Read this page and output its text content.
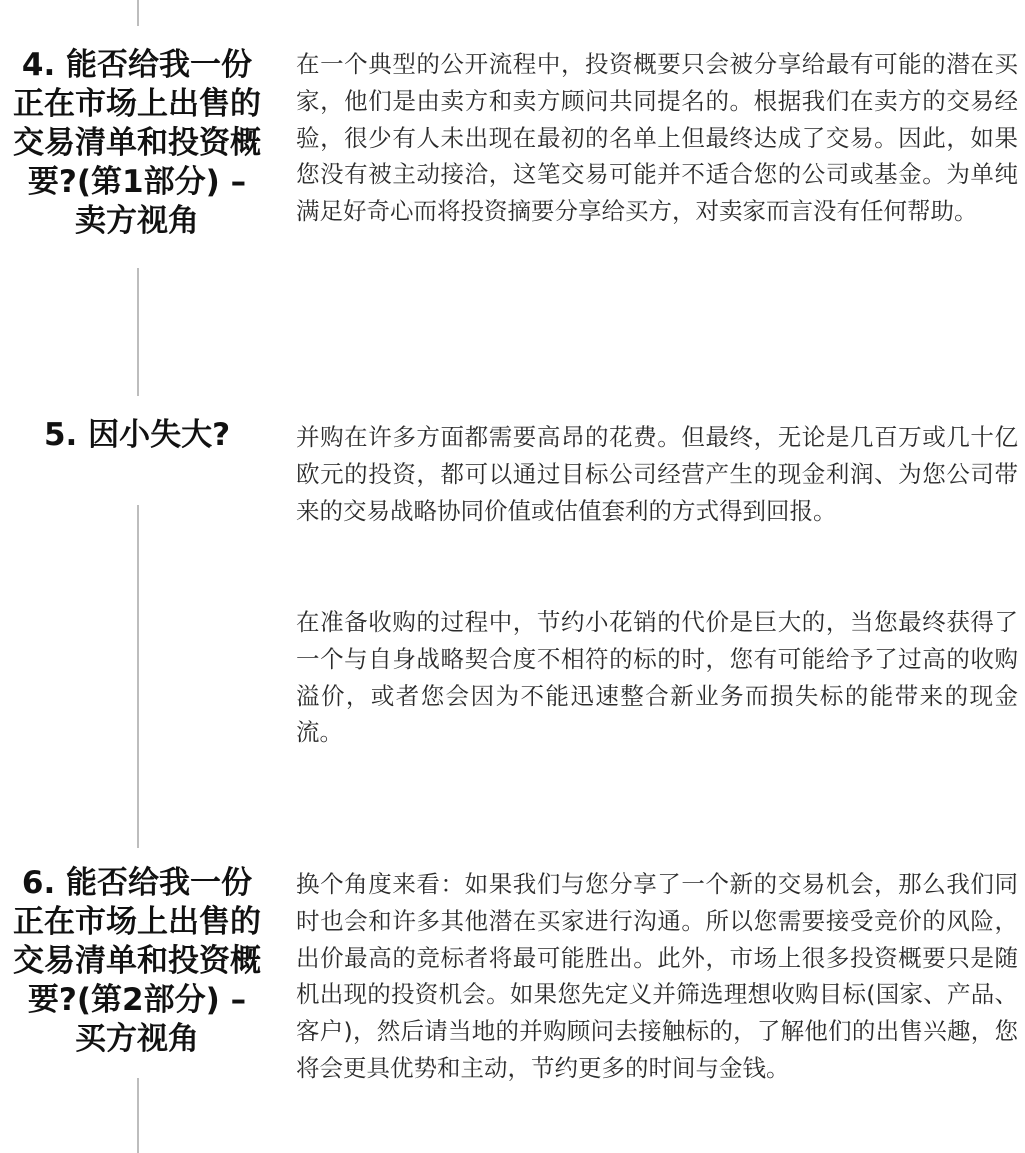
4. 能否给我一份正在市场上出售的交易清单和投资概要?(第1部分) – 卖方视角

在一个典型的公开流程中，投资概要只会被分享给最有可能的潜在买家，他们是由卖方和卖方顾问共同提名的。根据我们在卖方的交易经验，很少有人未出现在最初的名单上但最终达成了交易。因此，如果您没有被主动接洽，这笔交易可能并不适合您的公司或基金。为单纯满足好奇心而将投资摘要分享给买方，对卖家而言没有任何帮助。

5. 因小失大?	并购在许多方面都需要高昂的花费。但最终，无论是几百万或几十亿欧元的投资，都可以通过目标公司经营产生的现金利润、为您公司带来的交易战略协同价值或估值套利的方式得到回报。

在准备收购的过程中，节约小花销的代价是巨大的，当您最终获得了一个与自身战略契合度不相符的标的时，您有可能给予了过高的收购溢价，或者您会因为不能迅速整合新业务而损失标的能带来的现金流。

6. 能否给我一份正在市场上出售的交易清单和投资概要?(第2部分) – 买方视角

换个角度来看：如果我们与您分享了一个新的交易机会，那么我们同时也会和许多其他潜在买家进行沟通。所以您需要接受竞价的风险，出价最高的竞标者将最可能胜出。此外，市场上很多投资概要只是随机出现的投资机会。如果您先定义并筛选理想收购目标(国家、产品、客户)，然后请当地的并购顾问去接触标的，了解他们的出售兴趣，您将会更具优势和主动，节约更多的时间与金钱。
